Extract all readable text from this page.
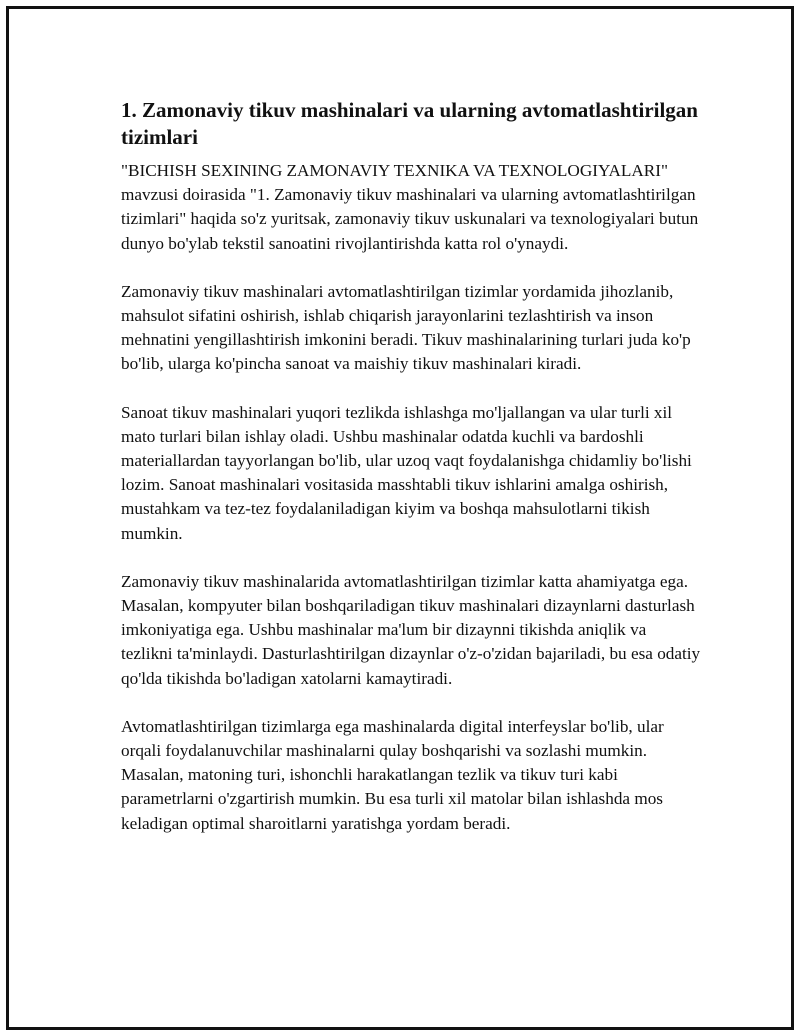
1. Zamonaviy tikuv mashinalari va ularning avtomatlashtirilgan tizimlari

"BICHISH SEXINING ZAMONAVIY TEXNIKA VA TEXNOLOGIYALARI" mavzusi doirasida "1. Zamonaviy tikuv mashinalari va ularning avtomatlashtirilgan tizimlari" haqida so'z yuritsak, zamonaviy tikuv uskunalari va texnologiyalari butun dunyo bo'ylab tekstil sanoatini rivojlantirishda katta rol o'ynaydi.

Zamonaviy tikuv mashinalari avtomatlashtirilgan tizimlar yordamida jihozlanib, mahsulot sifatini oshirish, ishlab chiqarish jarayonlarini tezlashtirish va inson mehnatini yengillashtirish imkonini beradi. Tikuv mashinalarining turlari juda ko'p bo'lib, ularga ko'pincha sanoat va maishiy tikuv mashinalari kiradi.

Sanoat tikuv mashinalari yuqori tezlikda ishlashga mo'ljallangan va ular turli xil mato turlari bilan ishlay oladi. Ushbu mashinalar odatda kuchli va bardoshli materiallardan tayyorlangan bo'lib, ular uzoq vaqt foydalanishga chidamliy bo'lishi lozim. Sanoat mashinalari vositasida masshtabli tikuv ishlarini amalga oshirish, mustahkam va tez-tez foydalaniladigan kiyim va boshqa mahsulotlarni tikish mumkin.

Zamonaviy tikuv mashinalarida avtomatlashtirilgan tizimlar katta ahamiyatga ega. Masalan, kompyuter bilan boshqariladigan tikuv mashinalari dizaynlarni dasturlash imkoniyatiga ega. Ushbu mashinalar ma'lum bir dizaynni tikishda aniqlik va tezlikni ta'minlaydi. Dasturlashtirilgan dizaynlar o'z-o'zidan bajariladi, bu esa odatiy qo'lda tikishda bo'ladigan xatolarni kamaytiradi.

Avtomatlashtirilgan tizimlarga ega mashinalarda digital interfeyslar bo'lib, ular orqali foydalanuvchilar mashinalarni qulay boshqarishi va sozlashi mumkin. Masalan, matoning turi, ishonchli harakatlangan tezlik va tikuv turi kabi parametrlarni o'zgartirish mumkin. Bu esa turli xil matolar bilan ishlashda mos keladigan optimal sharoitlarni yaratishga yordam beradi.
